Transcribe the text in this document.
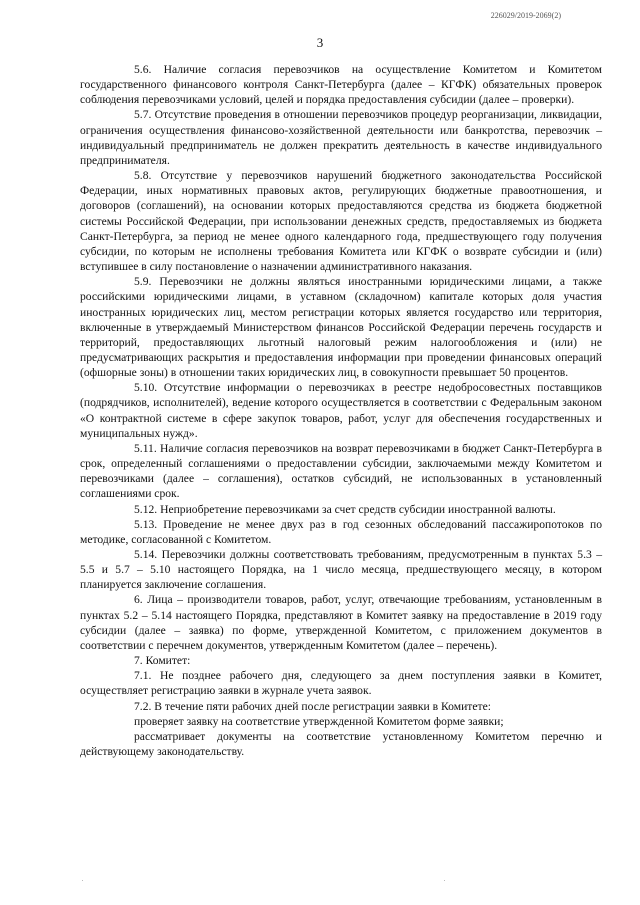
226029/2019-2069(2)
3

5.6. Наличие согласия перевозчиков на осуществление Комитетом и Комитетом государственного финансового контроля Санкт-Петербурга (далее – КГФК) обязательных проверок соблюдения перевозчиками условий, целей и порядка предоставления субсидии (далее – проверки).

5.7. Отсутствие проведения в отношении перевозчиков процедур реорганизации, ликвидации, ограничения осуществления финансово-хозяйственной деятельности или банкротства, перевозчик – индивидуальный предприниматель не должен прекратить деятельность в качестве индивидуального предпринимателя.

5.8. Отсутствие у перевозчиков нарушений бюджетного законодательства Российской Федерации, иных нормативных правовых актов, регулирующих бюджетные правоотношения, и договоров (соглашений), на основании которых предоставляются средства из бюджета бюджетной системы Российской Федерации, при использовании денежных средств, предоставляемых из бюджета Санкт-Петербурга, за период не менее одного календарного года, предшествующего году получения субсидии, по которым не исполнены требования Комитета или КГФК о возврате субсидии и (или) вступившее в силу постановление о назначении административного наказания.

5.9. Перевозчики не должны являться иностранными юридическими лицами, а также российскими юридическими лицами, в уставном (складочном) капитале которых доля участия иностранных юридических лиц, местом регистрации которых является государство или территория, включенные в утверждаемый Министерством финансов Российской Федерации перечень государств и территорий, предоставляющих льготный налоговый режим налогообложения и (или) не предусматривающих раскрытия и предоставления информации при проведении финансовых операций (офшорные зоны) в отношении таких юридических лиц, в совокупности превышает 50 процентов.

5.10. Отсутствие информации о перевозчиках в реестре недобросовестных поставщиков (подрядчиков, исполнителей), ведение которого осуществляется в соответствии с Федеральным законом «О контрактной системе в сфере закупок товаров, работ, услуг для обеспечения государственных и муниципальных нужд».

5.11. Наличие согласия перевозчиков на возврат перевозчиками в бюджет Санкт-Петербурга в срок, определенный соглашениями о предоставлении субсидии, заключаемыми между Комитетом и перевозчиками (далее – соглашения), остатков субсидий, не использованных в установленный соглашениями срок.

5.12. Неприобретение перевозчиками за счет средств субсидии иностранной валюты.

5.13. Проведение не менее двух раз в год сезонных обследований пассажиропотоков по методике, согласованной с Комитетом.

5.14. Перевозчики должны соответствовать требованиям, предусмотренным в пунктах 5.3 – 5.5 и 5.7 – 5.10 настоящего Порядка, на 1 число месяца, предшествующего месяцу, в котором планируется заключение соглашения.

6. Лица – производители товаров, работ, услуг, отвечающие требованиям, установленным в пунктах 5.2 – 5.14 настоящего Порядка, представляют в Комитет заявку на предоставление в 2019 году субсидии (далее – заявка) по форме, утвержденной Комитетом, с приложением документов в соответствии с перечнем документов, утвержденным Комитетом (далее – перечень).

7. Комитет:

7.1. Не позднее рабочего дня, следующего за днем поступления заявки в Комитет, осуществляет регистрацию заявки в журнале учета заявок.

7.2. В течение пяти рабочих дней после регистрации заявки в Комитете:

проверяет заявку на соответствие утвержденной Комитетом форме заявки;

рассматривает документы на соответствие установленному Комитетом перечню и действующему законодательству.
